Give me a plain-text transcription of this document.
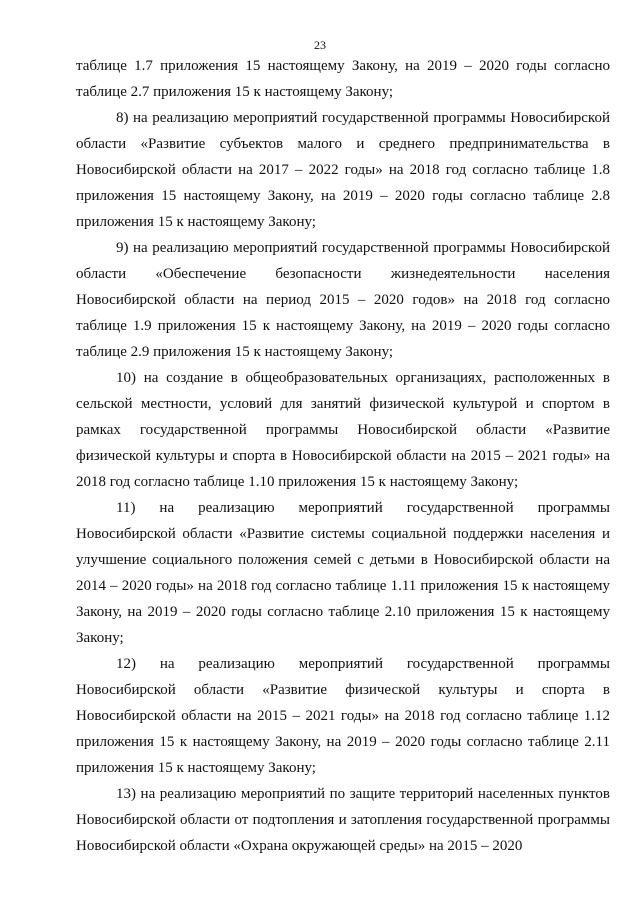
23

таблице 1.7 приложения 15 настоящему Закону, на 2019 – 2020 годы согласно таблице 2.7 приложения 15 к настоящему Закону;

8) на реализацию мероприятий государственной программы Новосибирской области «Развитие субъектов малого и среднего предпринимательства в Новосибирской области на 2017 – 2022 годы» на 2018 год согласно таблице 1.8 приложения 15 настоящему Закону, на 2019 – 2020 годы согласно таблице 2.8 приложения 15 к настоящему Закону;

9) на реализацию мероприятий государственной программы Новосибирской области «Обеспечение безопасности жизнедеятельности населения Новосибирской области на период 2015 – 2020 годов» на 2018 год согласно таблице 1.9 приложения 15 к настоящему Закону, на 2019 – 2020 годы согласно таблице 2.9 приложения 15 к настоящему Закону;

10) на создание в общеобразовательных организациях, расположенных в сельской местности, условий для занятий физической культурой и спортом в рамках государственной программы Новосибирской области «Развитие физической культуры и спорта в Новосибирской области на 2015 – 2021 годы» на 2018 год согласно таблице 1.10 приложения 15 к настоящему Закону;

11) на реализацию мероприятий государственной программы Новосибирской области «Развитие системы социальной поддержки населения и улучшение социального положения семей с детьми в Новосибирской области на 2014 – 2020 годы» на 2018 год согласно таблице 1.11 приложения 15 к настоящему Закону, на 2019 – 2020 годы согласно таблице 2.10 приложения 15 к настоящему Закону;

12) на реализацию мероприятий государственной программы Новосибирской области «Развитие физической культуры и спорта в Новосибирской области на 2015 – 2021 годы» на 2018 год согласно таблице 1.12 приложения 15 к настоящему Закону, на 2019 – 2020 годы согласно таблице 2.11 приложения 15 к настоящему Закону;

13) на реализацию мероприятий по защите территорий населенных пунктов Новосибирской области от подтопления и затопления государственной программы Новосибирской области «Охрана окружающей среды» на 2015 – 2020
